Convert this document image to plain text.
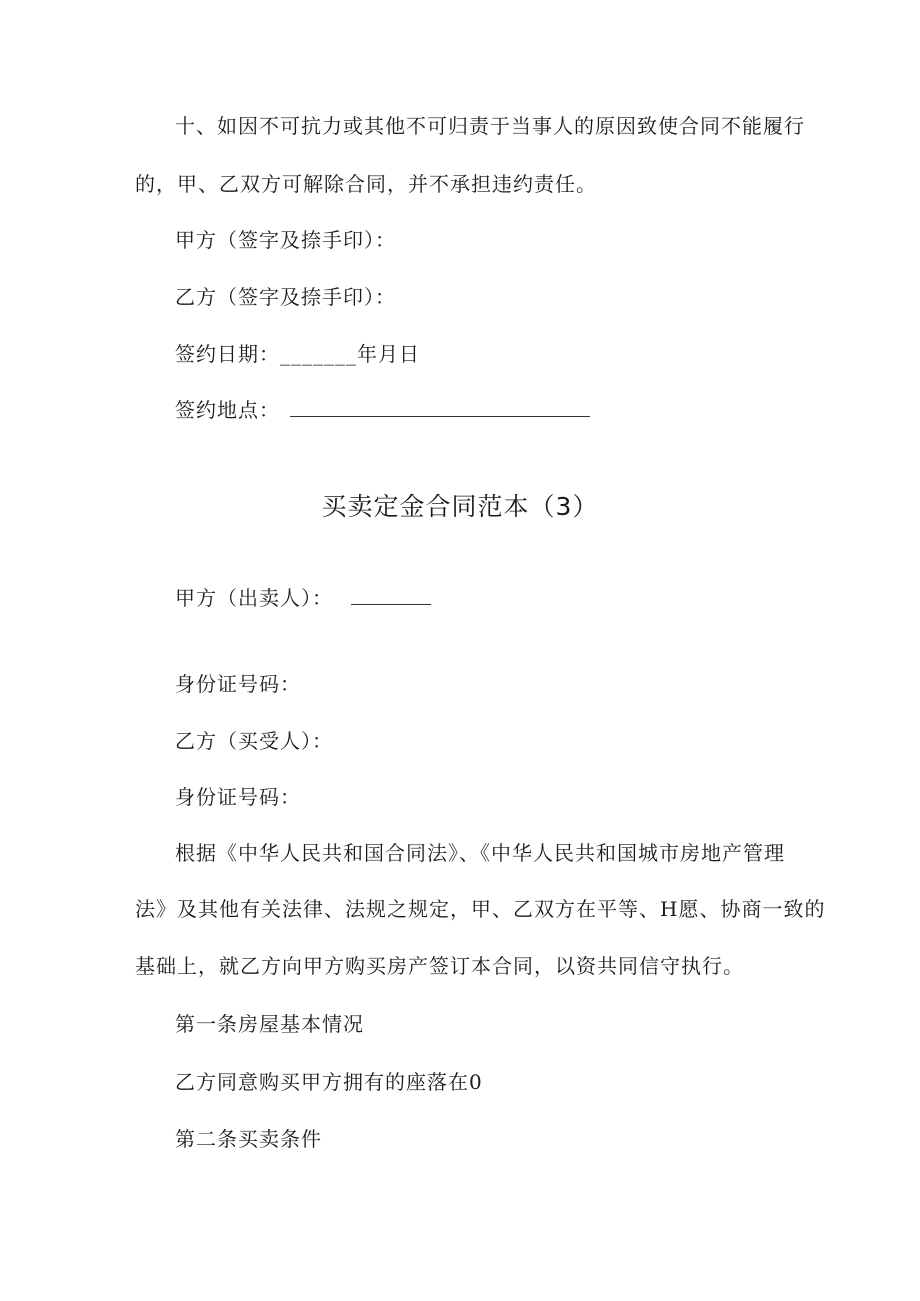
十、如因不可抗力或其他不可归责于当事人的原因致使合同不能履行
的，甲、乙双方可解除合同，并不承担违约责任。
甲方（签字及捺手印）：
乙方（签字及捺手印）：
签约日期：_______年月日
签约地点：
买卖定金合同范本（3）
甲方（出卖人）：
身份证号码：
乙方（买受人）：
身份证号码：
根据《中华人民共和国合同法》、《中华人民共和国城市房地产管理
法》及其他有关法律、法规之规定，甲、乙双方在平等、H愿、协商一致的
基础上，就乙方向甲方购买房产签订本合同，以资共同信守执行。
第一条房屋基本情况
乙方同意购买甲方拥有的座落在0
第二条买卖条件
